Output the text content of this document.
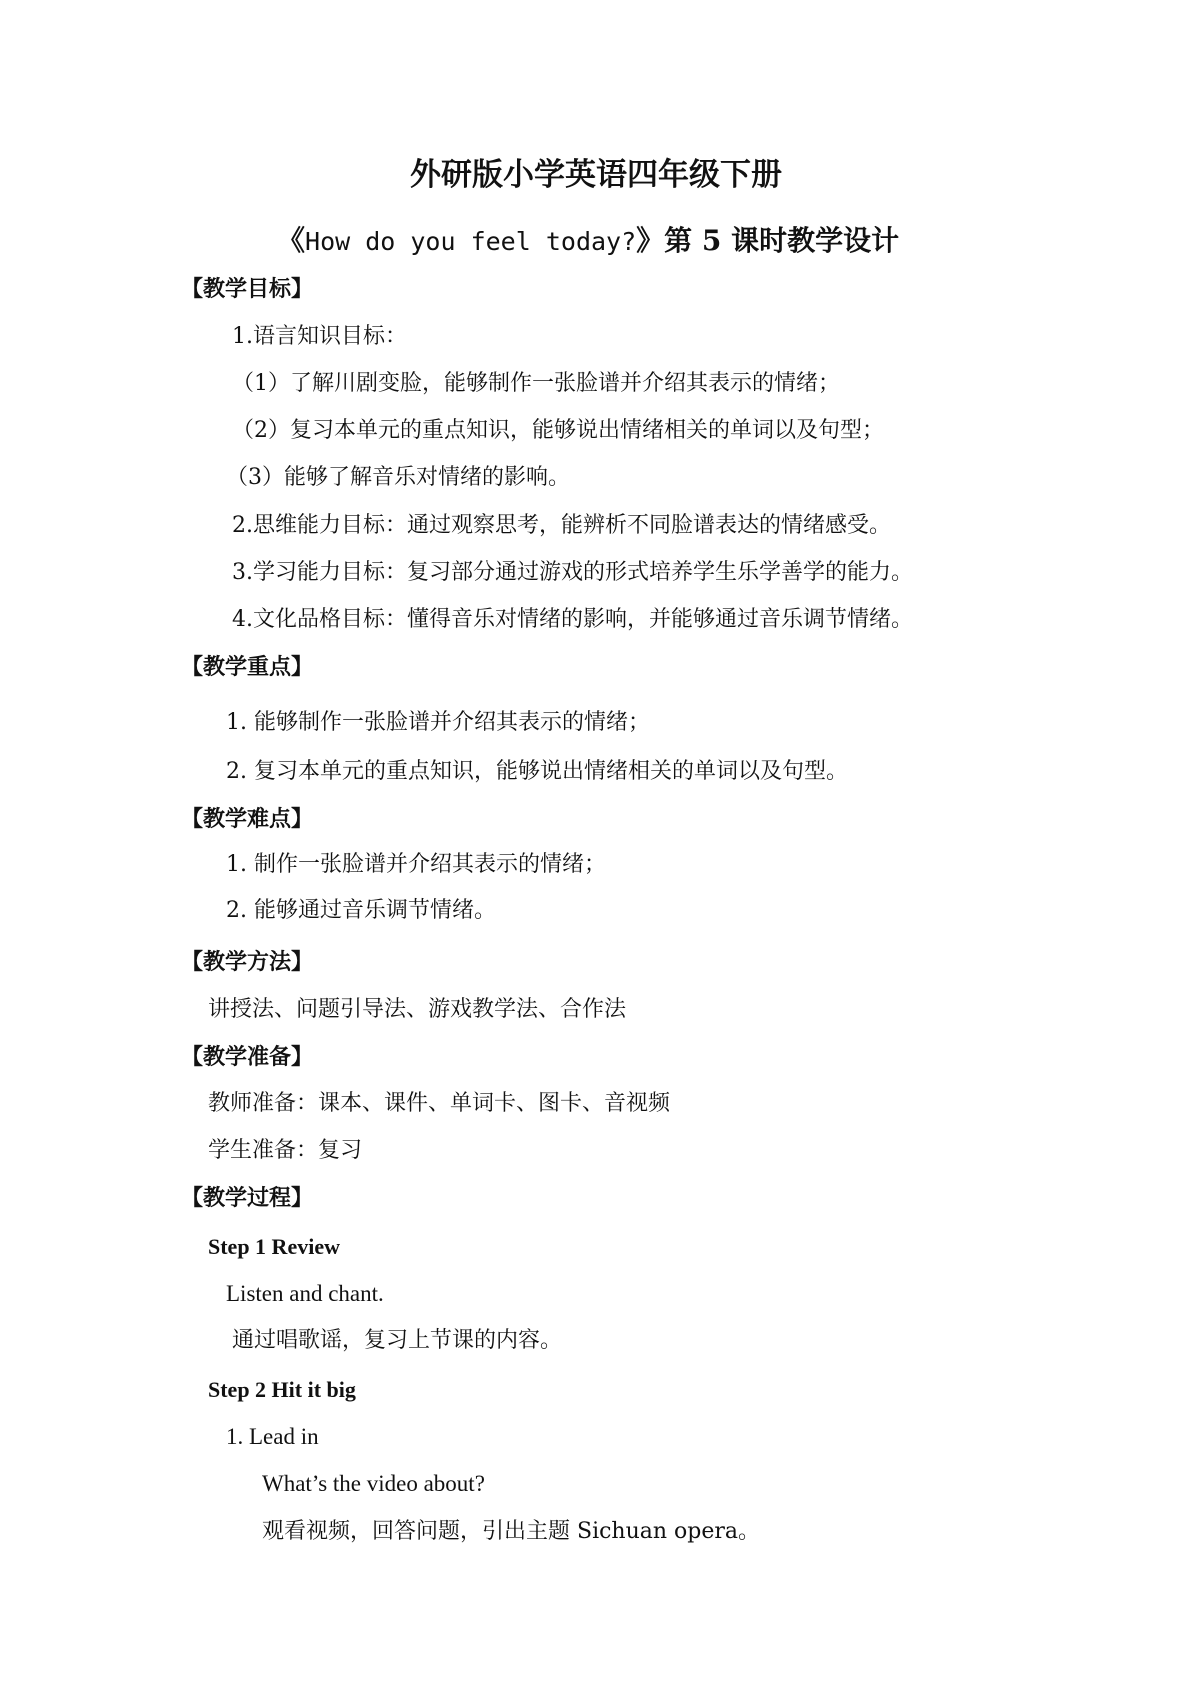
外研版小学英语四年级下册
《How do you feel today?》第 5 课时教学设计
【教学目标】
1.语言知识目标：
（1）了解川剧变脸，能够制作一张脸谱并介绍其表示的情绪；
（2）复习本单元的重点知识，能够说出情绪相关的单词以及句型；
（3）能够了解音乐对情绪的影响。
2.思维能力目标：通过观察思考，能辨析不同脸谱表达的情绪感受。
3.学习能力目标：复习部分通过游戏的形式培养学生乐学善学的能力。
4.文化品格目标：懂得音乐对情绪的影响，并能够通过音乐调节情绪。
【教学重点】
1. 能够制作一张脸谱并介绍其表示的情绪；
2. 复习本单元的重点知识，能够说出情绪相关的单词以及句型。
【教学难点】
1. 制作一张脸谱并介绍其表示的情绪；
2. 能够通过音乐调节情绪。
【教学方法】
讲授法、问题引导法、游戏教学法、合作法
【教学准备】
教师准备：课本、课件、单词卡、图卡、音视频
学生准备：复习
【教学过程】
Step 1 Review
Listen and chant.
通过唱歌谣，复习上节课的内容。
Step 2 Hit it big
1. Lead in
What’s the video about?
观看视频，回答问题，引出主题 Sichuan opera。
